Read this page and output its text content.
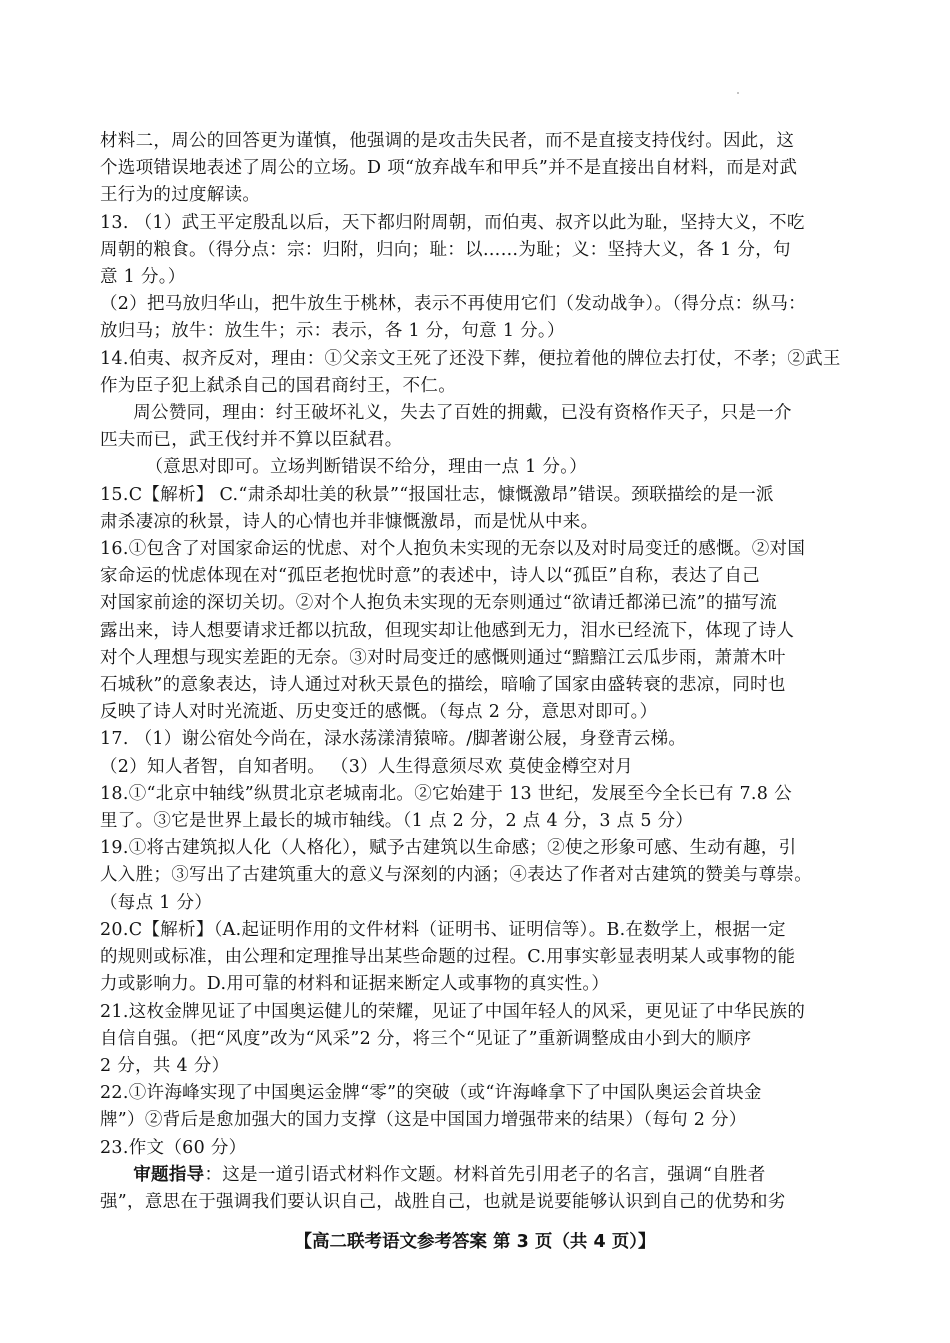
材料二，周公的回答更为谨慎，他强调的是攻击失民者，而不是直接支持伐纣。因此，这

个选项错误地表述了周公的立场。D 项“放弃战车和甲兵”并不是直接出自材料，而是对武

王行为的过度解读。

13. （1）武王平定殷乱以后，天下都归附周朝，而伯夷、叔齐以此为耻，坚持大义，不吃

周朝的粮食。（得分点：宗：归附，归向；耻：以……为耻；义：坚持大义，各 1 分，句

意 1 分。）

（2）把马放归华山，把牛放生于桃林，表示不再使用它们（发动战争）。（得分点：纵马：

放归马；放牛：放生牛；示：表示，各 1 分，句意 1 分。）

14.伯夷、叔齐反对，理由：①父亲文王死了还没下葬，便拉着他的牌位去打仗，不孝；②武王

作为臣子犯上弑杀自己的国君商纣王，不仁。

周公赞同，理由：纣王破坏礼义，失去了百姓的拥戴，已没有资格作天子，只是一介

匹夫而已，武王伐纣并不算以臣弑君。

（意思对即可。立场判断错误不给分，理由一点 1 分。）

15.C【解析】 C.“肃杀却壮美的秋景”“报国壮志，慷慨激昂”错误。颈联描绘的是一派

肃杀凄凉的秋景，诗人的心情也并非慷慨激昂，而是忧从中来。

16.①包含了对国家命运的忧虑、对个人抱负未实现的无奈以及对时局变迁的感慨。②对国

家命运的忧虑体现在对“孤臣老抱忧时意”的表述中，诗人以“孤臣”自称，表达了自己

对国家前途的深切关切。②对个人抱负未实现的无奈则通过“欲请迁都涕已流”的描写流

露出来，诗人想要请求迁都以抗敌，但现实却让他感到无力，泪水已经流下，体现了诗人

对个人理想与现实差距的无奈。③对时局变迁的感慨则通过“黯黯江云瓜步雨，萧萧木叶

石城秋”的意象表达，诗人通过对秋天景色的描绘，暗喻了国家由盛转衰的悲凉，同时也

反映了诗人对时光流逝、历史变迁的感慨。（每点 2 分，意思对即可。）

17. （1）谢公宿处今尚在，渌水荡漾清猿啼。/脚著谢公屐，身登青云梯。

（2）知人者智，自知者明。 （3）人生得意须尽欢 莫使金樽空对月

18.①“北京中轴线”纵贯北京老城南北。②它始建于 13 世纪，发展至今全长已有 7.8 公

里了。③它是世界上最长的城市轴线。（1 点 2 分，2 点 4 分，3 点 5 分）

19.①将古建筑拟人化（人格化），赋予古建筑以生命感；②使之形象可感、生动有趣，引

人入胜；③写出了古建筑重大的意义与深刻的内涵；④表达了作者对古建筑的赞美与尊崇。

（每点 1 分）

20.C【解析】（A.起证明作用的文件材料（证明书、证明信等）。B.在数学上，根据一定

的规则或标准，由公理和定理推导出某些命题的过程。C.用事实彰显表明某人或事物的能

力或影响力。D.用可靠的材料和证据来断定人或事物的真实性。）

21.这枚金牌见证了中国奥运健儿的荣耀，见证了中国年轻人的风采，更见证了中华民族的

自信自强。（把“风度”改为“风采”2 分，将三个“见证了”重新调整成由小到大的顺序

2 分，共 4 分）

22.①许海峰实现了中国奥运金牌“零”的突破（或“许海峰拿下了中国队奥运会首块金

牌”）②背后是愈加强大的国力支撑（这是中国国力增强带来的结果）（每句 2 分）

23.作文（60 分）

审题指导：这是一道引语式材料作文题。材料首先引用老子的名言，强调“自胜者

强”，意思在于强调我们要认识自己，战胜自己，也就是说要能够认识到自己的优势和劣

【高二联考语文参考答案 第 3 页（共 4 页）】
